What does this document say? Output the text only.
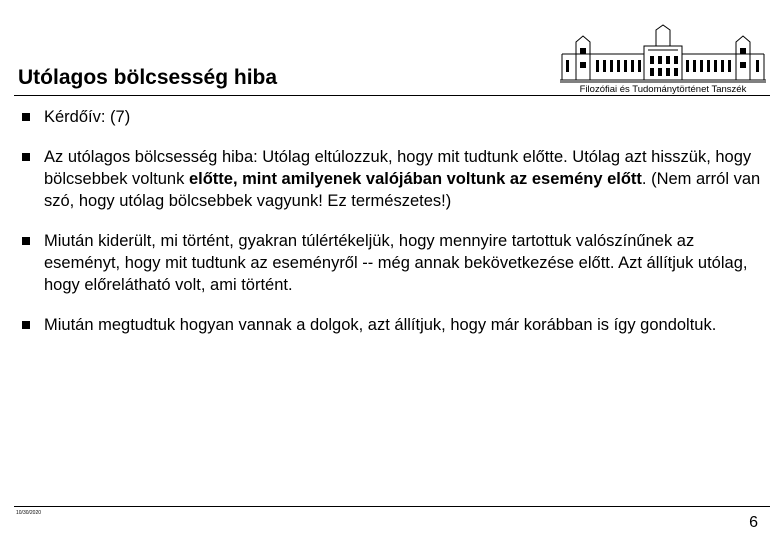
Utólagos bölcsesség hiba
Filozófiai és Tudománytörténet Tanszék
Kérdőív: (7)
Az utólagos bölcsesség hiba: Utólag eltúlozzuk, hogy mit tudtunk előtte. Utólag azt hisszük, hogy bölcsebbek voltunk előtte, mint amilyenek valójában voltunk az esemény előtt. (Nem arról van szó, hogy utólag bölcsebbek vagyunk! Ez természetes!)
Miután kiderült, mi történt, gyakran túlértékeljük, hogy mennyire tartottuk valószínűnek az eseményt, hogy mit tudtunk az eseményről -- még annak bekövetkezése előtt. Azt állítjuk utólag, hogy előrelátható volt, ami történt.
Miután megtudtuk hogyan vannak a dolgok, azt állítjuk, hogy már korábban is így gondoltuk.
10/30/2020
6
